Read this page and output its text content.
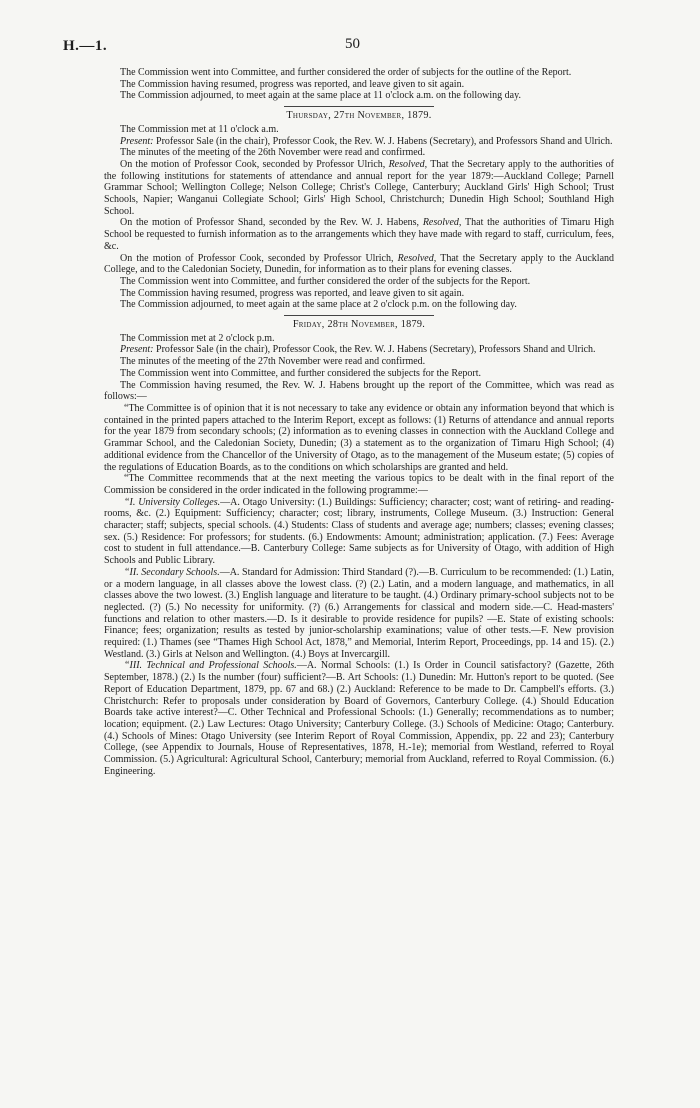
H.—1.	50

The Commission went into Committee, and further considered the order of subjects for the outline of the Report.

The Commission having resumed, progress was reported, and leave given to sit again.

The Commission adjourned, to meet again at the same place at 11 o'clock a.m. on the following day.

Thursday, 27th November, 1879.

The Commission met at 11 o'clock a.m.

Present: Professor Sale (in the chair), Professor Cook, the Rev. W. J. Habens (Secretary), and Professors Shand and Ulrich.

The minutes of the meeting of the 26th November were read and confirmed.

On the motion of Professor Cook, seconded by Professor Ulrich, Resolved, That the Secretary apply to the authorities of the following institutions for statements of attendance and annual report for the year 1879:—Auckland College; Parnell Grammar School; Wellington College; Nelson College; Christ's College, Canterbury; Auckland Girls' High School; Trust Schools, Napier; Wanganui Collegiate School; Girls' High School, Christchurch; Dunedin High School; Southland High School.

On the motion of Professor Shand, seconded by the Rev. W. J. Habens, Resolved, That the authorities of Timaru High School be requested to furnish information as to the arrangements which they have made with regard to staff, curriculum, fees, &c.

On the motion of Professor Cook, seconded by Professor Ulrich, Resolved, That the Secretary apply to the Auckland College, and to the Caledonian Society, Dunedin, for information as to their plans for evening classes.

The Commission went into Committee, and further considered the order of the subjects for the Report.

The Commission having resumed, progress was reported, and leave given to sit again.

The Commission adjourned, to meet again at the same place at 2 o'clock p.m. on the following day.

Friday, 28th November, 1879.

The Commission met at 2 o'clock p.m.

Present: Professor Sale (in the chair), Professor Cook, the Rev. W. J. Habens (Secretary), Professors Shand and Ulrich.

The minutes of the meeting of the 27th November were read and confirmed.

The Commission went into Committee, and further considered the subjects for the Report.

The Commission having resumed, the Rev. W. J. Habens brought up the report of the Committee, which was read as follows:—

“The Committee is of opinion that it is not necessary to take any evidence or obtain any information beyond that which is contained in the printed papers attached to the Interim Report, except as follows: (1) Returns of attendance and annual reports for the year 1879 from secondary schools; (2) information as to evening classes in connection with the Auckland College and Grammar School, and the Caledonian Society, Dunedin; (3) a statement as to the organization of Timaru High School; (4) additional evidence from the Chancellor of the University of Otago, as to the management of the Museum estate; (5) copies of the regulations of Education Boards, as to the conditions on which scholarships are granted and held.

“The Committee recommends that at the next meeting the various topics to be dealt with in the final report of the Commission be considered in the order indicated in the following programme:—

“I. University Colleges.—A. Otago University: (1.) Buildings: Sufficiency; character; cost; want of retiring- and reading-rooms, &c. (2.) Equipment: Sufficiency; character; cost; library, instruments, College Museum. (3.) Instruction: General character; staff; subjects, special schools. (4.) Students: Class of students and average age; numbers; classes; evening classes; sex. (5.) Residence: For professors; for students. (6.) Endowments: Amount; administration; application. (7.) Fees: Average cost to student in full attendance.—B. Canterbury College: Same subjects as for University of Otago, with addition of High Schools and Public Library.

“II. Secondary Schools.—A. Standard for Admission: Third Standard (?).—B. Curriculum to be recommended: (1.) Latin, or a modern language, in all classes above the lowest class. (?) (2.) Latin, and a modern language, and mathematics, in all classes above the two lowest. (3.) English language and literature to be taught. (4.) Ordinary primary-school subjects not to be neglected. (?) (5.) No necessity for uniformity. (?) (6.) Arrangements for classical and modern side.—C. Head-masters' functions and relation to other masters.—D. Is it desirable to provide residence for pupils? —E. State of existing schools: Finance; fees; organization; results as tested by junior-scholarship examinations; value of other tests.—F. New provision required: (1.) Thames (see “Thames High School Act, 1878,” and Memorial, Interim Report, Proceedings, pp. 14 and 15). (2.) Westland. (3.) Girls at Nelson and Wellington. (4.) Boys at Invercargill.

“III. Technical and Professional Schools.—A. Normal Schools: (1.) Is Order in Council satisfactory? (Gazette, 26th September, 1878.) (2.) Is the number (four) sufficient?—B. Art Schools: (1.) Dunedin: Mr. Hutton's report to be quoted. (See Report of Education Department, 1879, pp. 67 and 68.) (2.) Auckland: Reference to be made to Dr. Campbell's efforts. (3.) Christchurch: Refer to proposals under consideration by Board of Governors, Canterbury College. (4.) Should Education Boards take active interest?—C. Other Technical and Professional Schools: (1.) Generally; recommendations as to number; location; equipment. (2.) Law Lectures: Otago University; Canterbury College. (3.) Schools of Medicine: Otago; Canterbury. (4.) Schools of Mines: Otago University (see Interim Report of Royal Commission, Appendix, pp. 22 and 23); Canterbury College, (see Appendix to Journals, House of Representatives, 1878, H.-1e); memorial from Westland, referred to Royal Commission. (5.) Agricultural: Agricultural School, Canterbury; memorial from Auckland, referred to Royal Commission. (6.) Engineering.
